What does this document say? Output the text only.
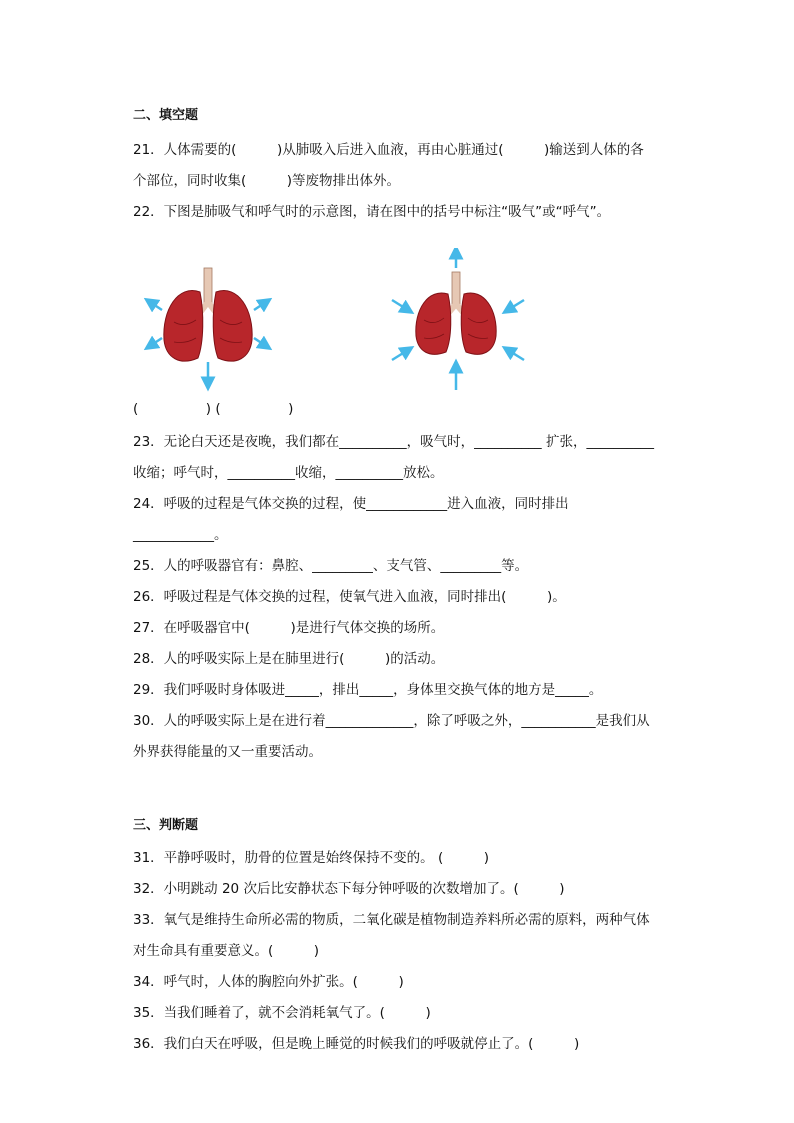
二、填空题
21．人体需要的(　　　)从肺吸入后进入血液，再由心脏通过(　　　)输送到人体的各
个部位，同时收集(　　　)等废物排出体外。
22．下图是肺吸气和呼气时的示意图，请在图中的括号中标注“吸气”或“呼气”。
(　　　　　) (　　　　　)
23．无论白天还是夜晚，我们都在__________，吸气时，__________ 扩张，__________
收缩；呼气时，__________收缩，__________放松。
24．呼吸的过程是气体交换的过程，使____________进入血液，同时排出
____________。
25．人的呼吸器官有：鼻腔、_________、支气管、_________等。
26．呼吸过程是气体交换的过程，使氧气进入血液，同时排出(　　　)。
27．在呼吸器官中(　　　)是进行气体交换的场所。
28．人的呼吸实际上是在肺里进行(　　　)的活动。
29．我们呼吸时身体吸进_____，排出_____，身体里交换气体的地方是_____。
30．人的呼吸实际上是在进行着_____________，除了呼吸之外，___________是我们从
外界获得能量的又一重要活动。
三、判断题
31．平静呼吸时，肋骨的位置是始终保持不变的。 (　　　)
32．小明跳动 20 次后比安静状态下每分钟呼吸的次数增加了。(　　　)
33．氧气是维持生命所必需的物质，二氧化碳是植物制造养料所必需的原料，两种气体
对生命具有重要意义。(　　　)
34．呼气时，人体的胸腔向外扩张。(　　　)
35．当我们睡着了，就不会消耗氧气了。(　　　)
36．我们白天在呼吸，但是晚上睡觉的时候我们的呼吸就停止了。(　　　)
